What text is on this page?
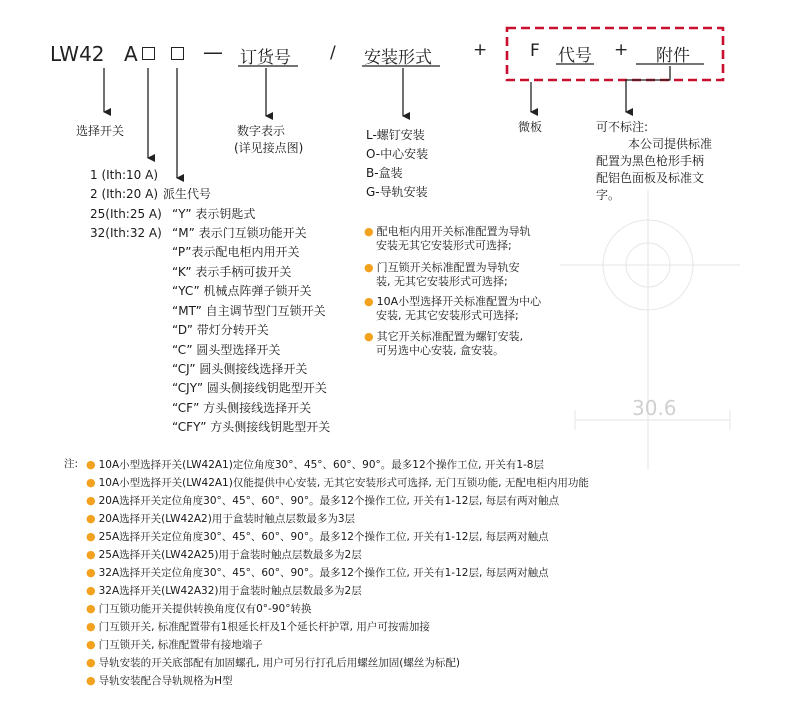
LW42 A	— 订货号 / 安装形式 +	F 代号 + 附件
选择开关	数字表示
(详见接点图)
微板	可不标注:
本公司提供标准
配置为黑色枪形手柄
配铝色面板及标准文
字。
1 (Ith:10 A)
2 (Ith:20 A)
25(Ith:25 A)
32(Ith:32 A)
派生代号
“Y” 表示钥匙式
“M” 表示门互锁功能开关
“P”表示配电柜内用开关
“K” 表示手柄可拔开关
“YC” 机械点阵弹子锁开关
“MT” 自主调节型门互锁开关
“D” 带灯分转开关
“C” 圆头型选择开关
“CJ” 圆头侧接线选择开关
“CJY” 圆头侧接线钥匙型开关
“CF” 方头侧接线选择开关
“CFY” 方头侧接线钥匙型开关
L-螺钉安装
O-中心安装
B-盒装
G-导轨安装
● 配电柜内用开关标准配置为导轨
安装无其它安装形式可选择;
● 门互锁开关标准配置为导轨安
装, 无其它安装形式可选择;
● 10A小型选择开关标准配置为中心
安装, 无其它安装形式可选择;
● 其它开关标准配置为螺钉安装,
可另选中心安装, 盒安装。
30.6
注: ● 10A小型选择开关(LW42A1)定位角度30°、45°、60°、90°。最多12个操作工位, 开关有1-8层
● 10A小型选择开关(LW42A1)仅能提供中心安装, 无其它安装形式可选择, 无门互锁功能, 无配电柜内用功能
● 20A选择开关定位角度30°、45°、60°、90°。最多12个操作工位, 开关有1-12层, 每层有两对触点
● 20A选择开关(LW42A2)用于盒装时触点层数最多为3层
● 25A选择开关定位角度30°、45°、60°、90°。最多12个操作工位, 开关有1-12层, 每层两对触点
● 25A选择开关(LW42A25)用于盒装时触点层数最多为2层
● 32A选择开关定位角度30°、45°、60°、90°。最多12个操作工位, 开关有1-12层, 每层两对触点
● 32A选择开关(LW42A32)用于盒装时触点层数最多为2层
● 门互锁功能开关提供转换角度仅有0°-90°转换
● 门互锁开关, 标准配置带有1根延长杆及1个延长杆护罩, 用户可按需加接
● 门互锁开关, 标准配置带有接地端子
● 导轨安装的开关底部配有加固螺孔, 用户可另行打孔后用螺丝加固(螺丝为标配)
● 导轨安装配合导轨规格为H型
